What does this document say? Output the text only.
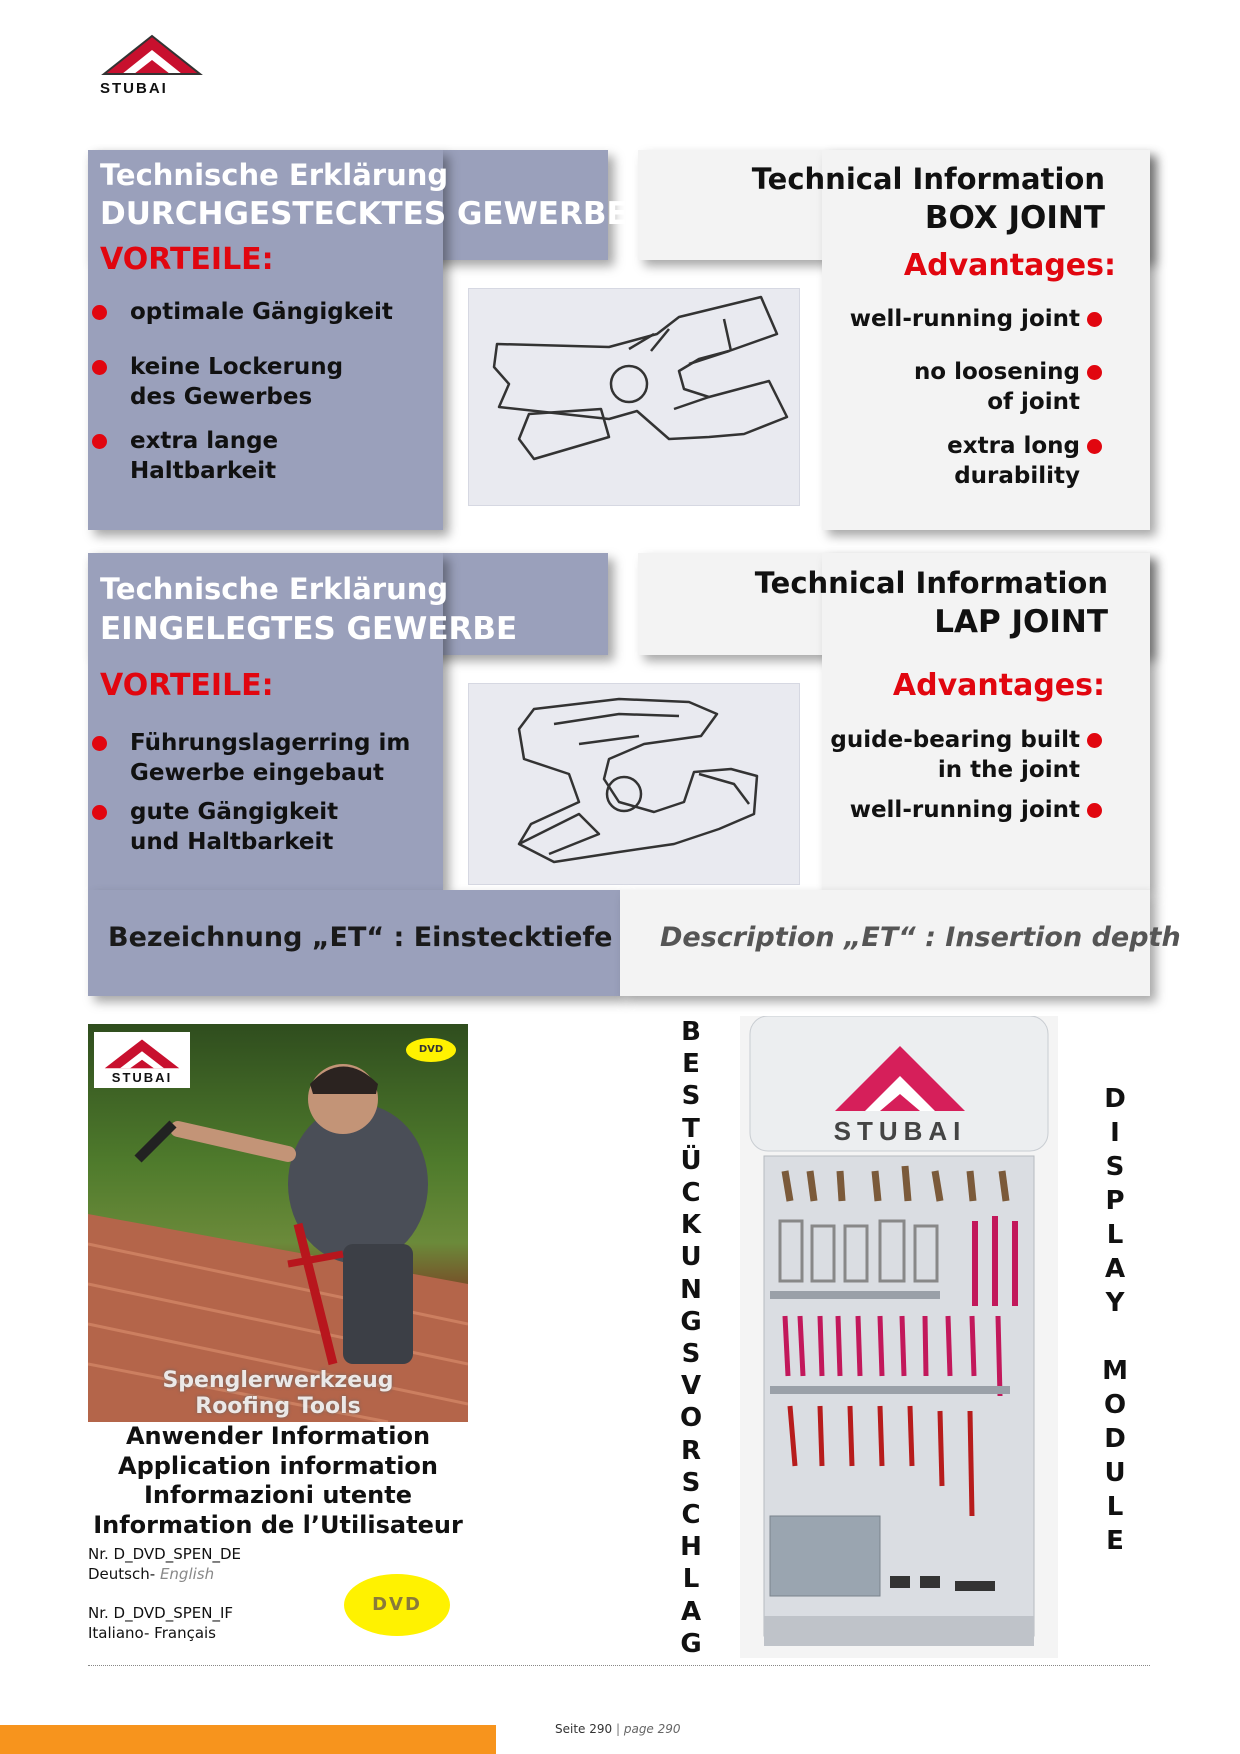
STUBAI
Technische Erklärung
DURCHGESTECKTES GEWERBE
VORTEILE:
optimale Gängigkeit
keine Lockerung
des Gewerbes
extra lange
Haltbarkeit
Technical Information
BOX JOINT
Advantages:
well-running joint
no loosening
of joint
extra long
durability
Technische Erklärung
EINGELEGTES GEWERBE
VORTEILE:
Führungslagerring im
Gewerbe eingebaut
gute Gängigkeit
und Haltbarkeit
Technical Information
LAP JOINT
Advantages:
guide-bearing built
in the joint
well-running joint
Bezeichnung „ET“ : Einstecktiefe Description „ET“ : Insertion depth
STUBAI
DVD
Spenglerwerkzeug
Roofing Tools
Anwender Information
Application information
Informazioni utente
Information de l’Utilisateur
Nr. D_DVD_SPEN_DE
Deutsch- English
Nr. D_DVD_SPEN_IF
Italiano- Français
DVD
B
E
S
T
Ü
C
K
U
N
G
S
V
O
R
S
C
H
L
A
G
D
I
S
P
L
A
Y
M
O
D
U
L
E
STUBAI
Seite 290 | page 290
